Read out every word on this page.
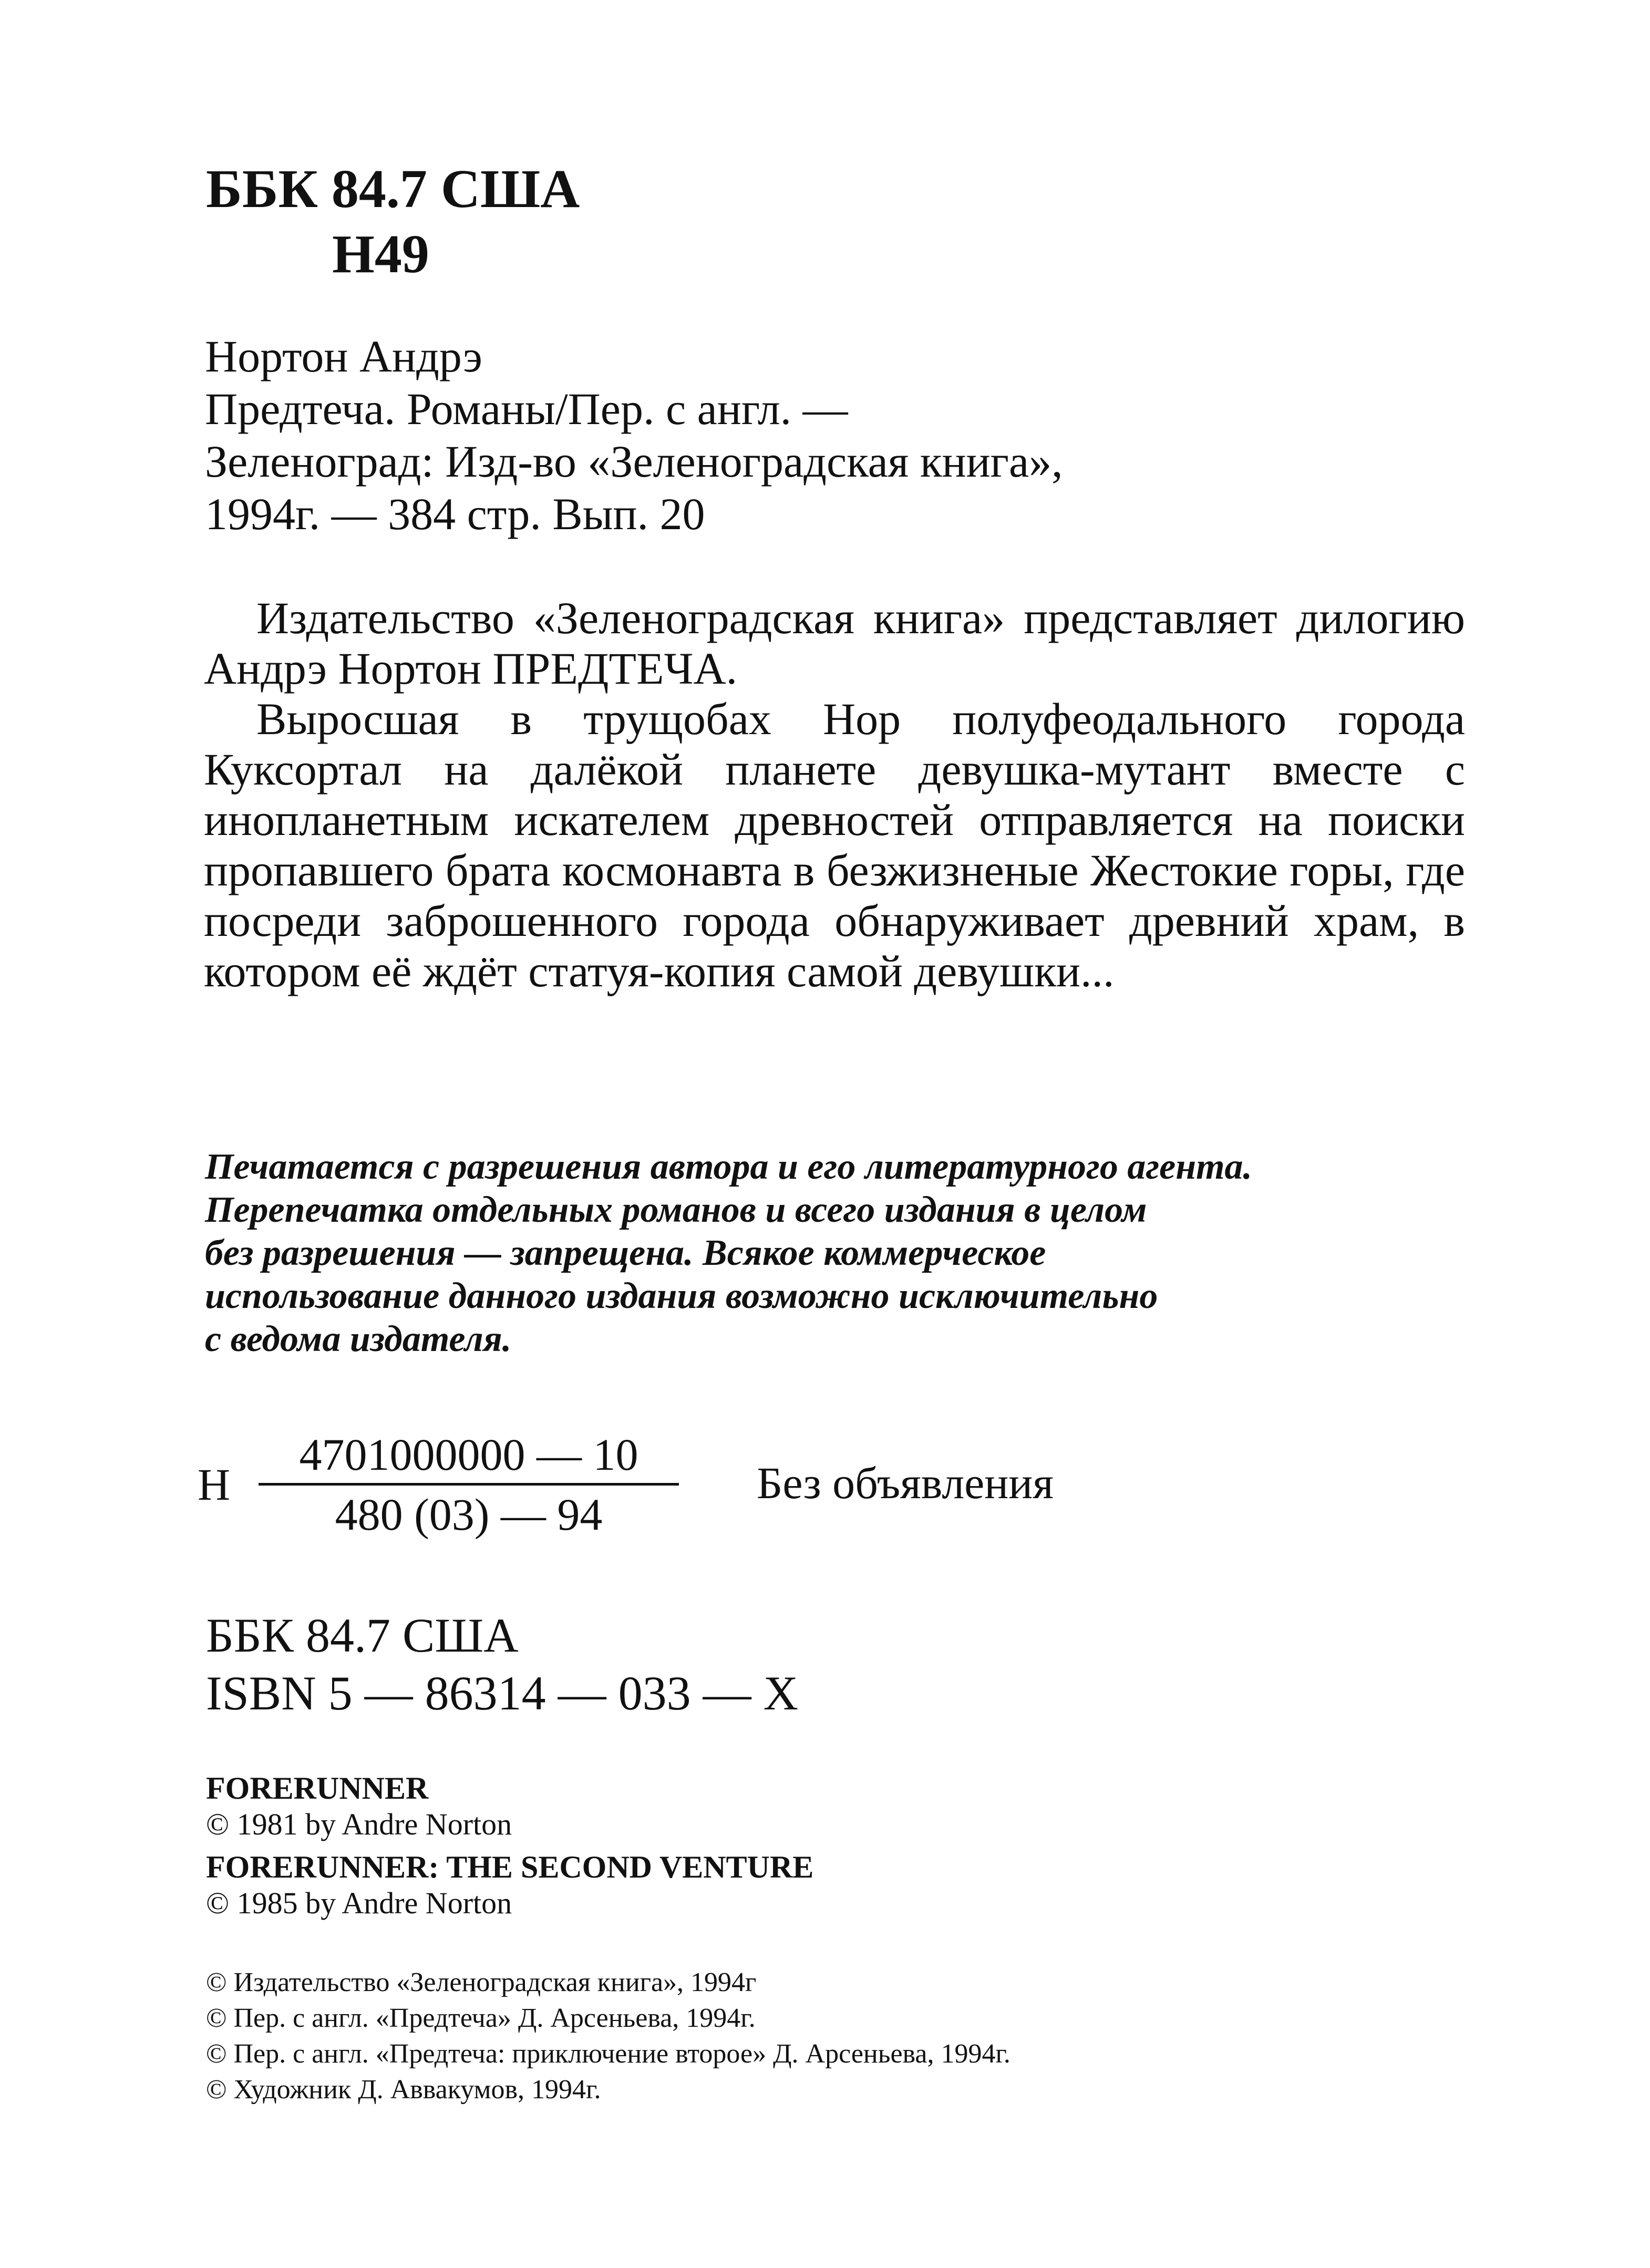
ББК 84.7 США
Н49
Нортон Андрэ
Предтеча. Романы/Пер. с англ. —
Зеленоград: Изд-во «Зеленоградская книга»,
1994г. — 384 стр. Вып. 20

Издательство «Зеленоградская книга» представляет дилогию Андрэ Нортон ПРЕДТЕЧА.

Выросшая в трущобах Нор полуфеодального города Куксортал на далёкой планете девушка-мутант вместе с инопланетным искателем древностей отправляется на поиски пропавшего брата космонавта в безжизненые Жестокие горы, где посреди заброшенного города обнаруживает древний храм, в котором её ждёт статуя-копия самой девушки...

Печатается с разрешения автора и его литературного агента.
Перепечатка отдельных романов и всего издания в целом
без разрешения — запрещена. Всякое коммерческое
использование данного издания возможно исключительно
с ведома издателя.
Н
4701000000 — 10
480 (03) — 94
Без объявления
ББК 84.7 США
ISBN 5 — 86314 — 033 — X
FORERUNNER
© 1981 by Andre Norton
FORERUNNER: THE SECOND VENTURE
© 1985 by Andre Norton
© Издательство «Зеленоградская книга», 1994г
© Пер. с англ. «Предтеча» Д. Арсеньева, 1994г.
© Пер. с англ. «Предтеча: приключение второе» Д. Арсеньева, 1994г.
© Художник Д. Аввакумов, 1994г.
